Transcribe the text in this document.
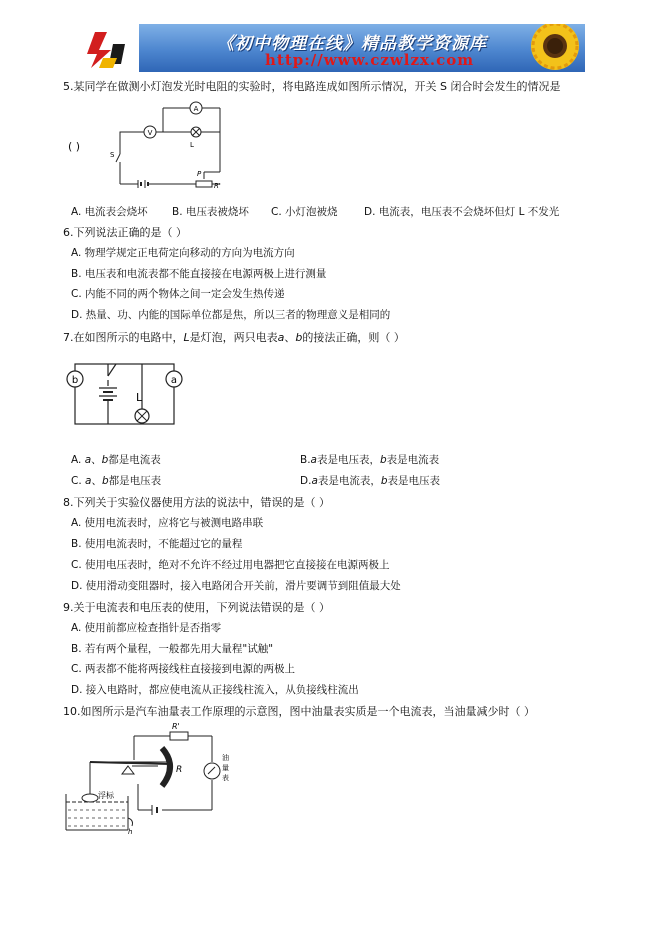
《初中物理在线》精品教学资源库
http://www.czwlzx.com
5.某同学在做测小灯泡发光时电阻的实验时，将电路连成如图所示情况，开关 S 闭合时会发生的情况是
( )
V
A
L
S
P
R'
A. 电流表会烧坏 B. 电压表被烧坏 C. 小灯泡被烧	D. 电流表，电压表不会烧坏但灯 L 不发光
6.下列说法正确的是（ ）
A. 物理学规定正电荷定向移动的方向为电流方向
B. 电压表和电流表都不能直接接在电源两极上进行测量
C. 内能不同的两个物体之间一定会发生热传递
D. 热量、功、内能的国际单位都是焦，所以三者的物理意义是相同的
7.在如图所示的电路中，L是灯泡，两只电表a、b的接法正确，则（ ）
b	a
L
A. a、b都是电流表	B.a表是电压表，b表是电流表
C. a、b都是电压表	D.a表是电流表，b表是电压表
8.下列关于实验仪器使用方法的说法中，错误的是（ ）
A. 使用电流表时，应将它与被测电路串联
B. 使用电流表时，不能超过它的量程
C. 使用电压表时，绝对不允许不经过用电器把它直接接在电源两极上
D. 使用滑动变阻器时，接入电路闭合开关前，滑片要调节到阻值最大处
9.关于电流表和电压表的使用，下列说法错误的是（ ）
A. 使用前都应检查指针是否指零
B. 若有两个量程，一般都先用大量程"试触"
C. 两表都不能将两接线柱直接接到电源的两极上
D. 接入电路时，都应使电流从正接线柱流入，从负接线柱流出
10.如图所示是汽车油量表工作原理的示意图，图中油量表实质是一个电流表，当油量减少时（ ）
R'
R
油
量
表
浮标
h
